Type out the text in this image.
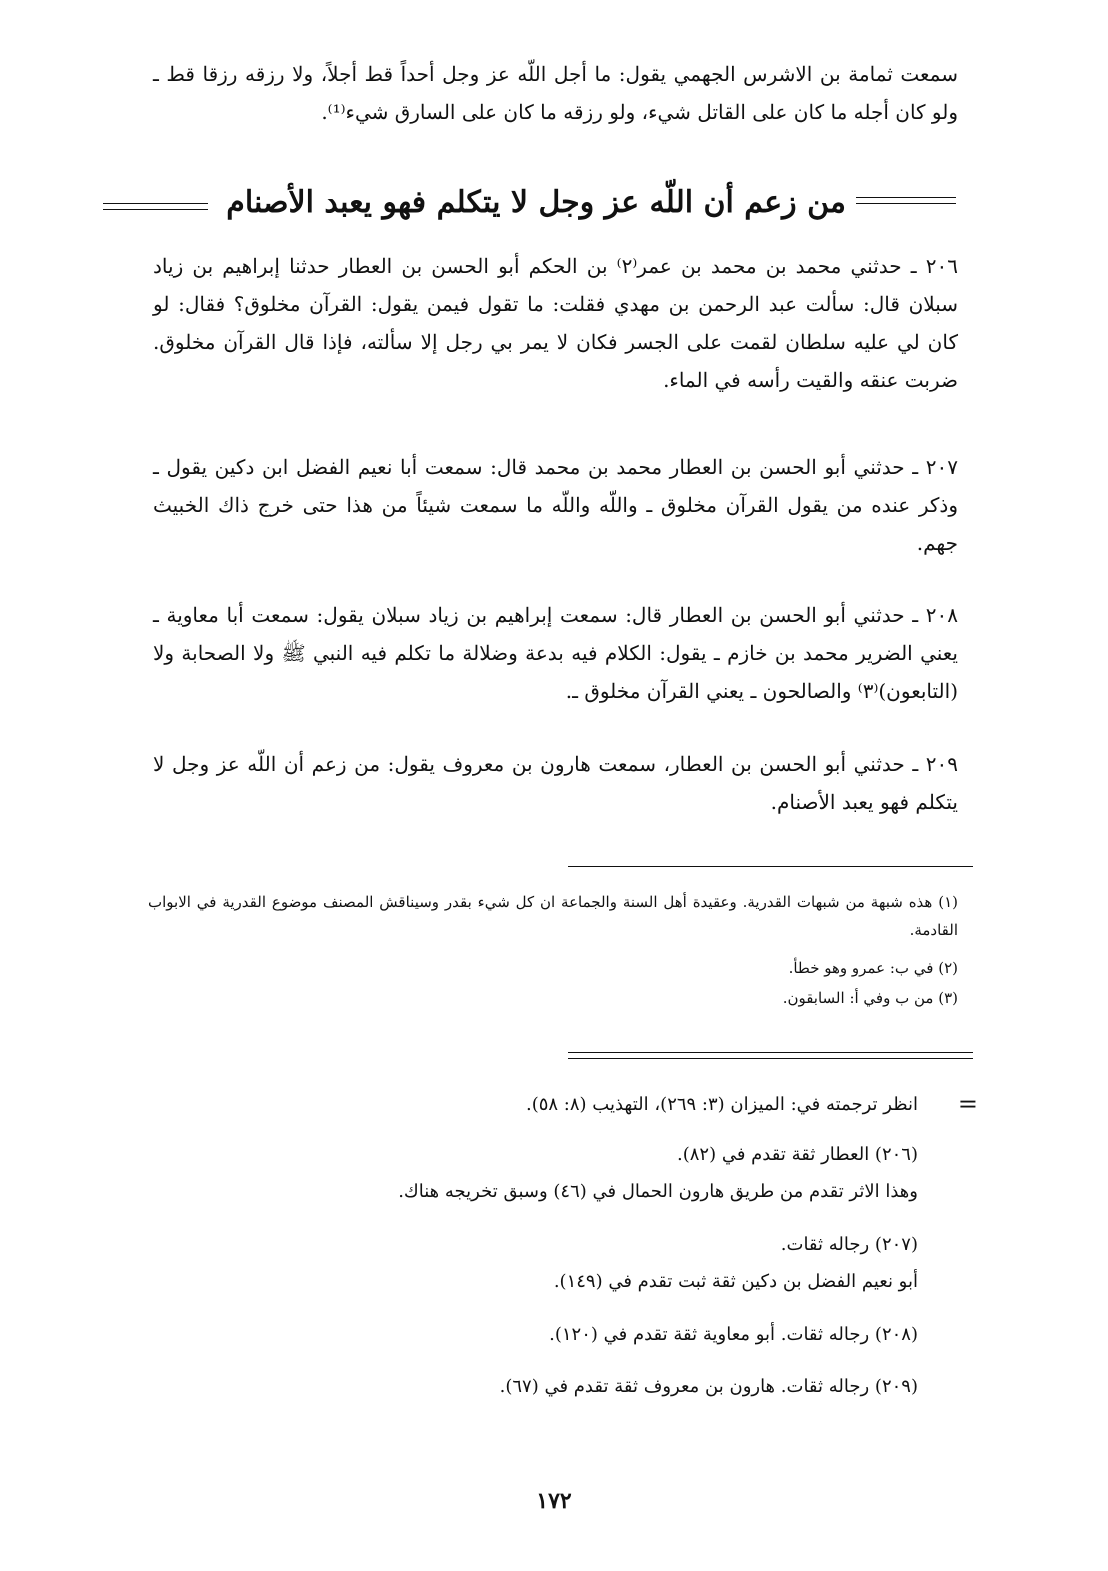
سمعت ثمامة بن الاشرس الجهمي يقول: ما أجل اللّه عز وجل أحداً قط أجلاً، ولا رزقه رزقا قط ـ ولو كان أجله ما كان على القاتل شيء، ولو رزقه ما كان على السارق شيء⁽¹⁾.
من زعم أن اللّه عز وجل لا يتكلم فهو يعبد الأصنام
٢٠٦ ـ حدثني محمد بن محمد بن عمر⁽٢⁾ بن الحكم أبو الحسن بن العطار حدثنا إبراهيم بن زياد سبلان قال: سألت عبد الرحمن بن مهدي فقلت: ما تقول فيمن يقول: القرآن مخلوق؟ فقال: لو كان لي عليه سلطان لقمت على الجسر فكان لا يمر بي رجل إلا سألته، فإذا قال القرآن مخلوق. ضربت عنقه والقيت رأسه في الماء.
٢٠٧ ـ حدثني أبو الحسن بن العطار محمد بن محمد قال: سمعت أبا نعيم الفضل ابن دكين يقول ـ وذكر عنده من يقول القرآن مخلوق ـ واللّه واللّه ما سمعت شيئاً من هذا حتى خرج ذاك الخبيث جهم.
٢٠٨ ـ حدثني أبو الحسن بن العطار قال: سمعت إبراهيم بن زياد سبلان يقول: سمعت أبا معاوية ـ يعني الضرير محمد بن خازم ـ يقول: الكلام فيه بدعة وضلالة ما تكلم فيه النبي ﷺ ولا الصحابة ولا (التابعون)⁽٣⁾ والصالحون ـ يعني القرآن مخلوق ـ.
٢٠٩ ـ حدثني أبو الحسن بن العطار، سمعت هارون بن معروف يقول: من زعم أن اللّه عز وجل لا يتكلم فهو يعبد الأصنام.
(١) هذه شبهة من شبهات القدرية. وعقيدة أهل السنة والجماعة ان كل شيء بقدر وسيناقش المصنف موضوع القدرية في الابواب القادمة.
(٢) في ب: عمرو وهو خطأ.
(٣) من ب وفي أ: السابقون.
=
انظر ترجمته في: الميزان (٣: ٢٦٩)، التهذيب (٨: ٥٨).
(٢٠٦) العطار ثقة تقدم في (٨٢).
وهذا الاثر تقدم من طريق هارون الحمال في (٤٦) وسبق تخريجه هناك.
(٢٠٧) رجاله ثقات.
أبو نعيم الفضل بن دكين ثقة ثبت تقدم في (١٤٩).
(٢٠٨) رجاله ثقات. أبو معاوية ثقة تقدم في (١٢٠).
(٢٠٩) رجاله ثقات. هارون بن معروف ثقة تقدم في (٦٧).
١٧٢
